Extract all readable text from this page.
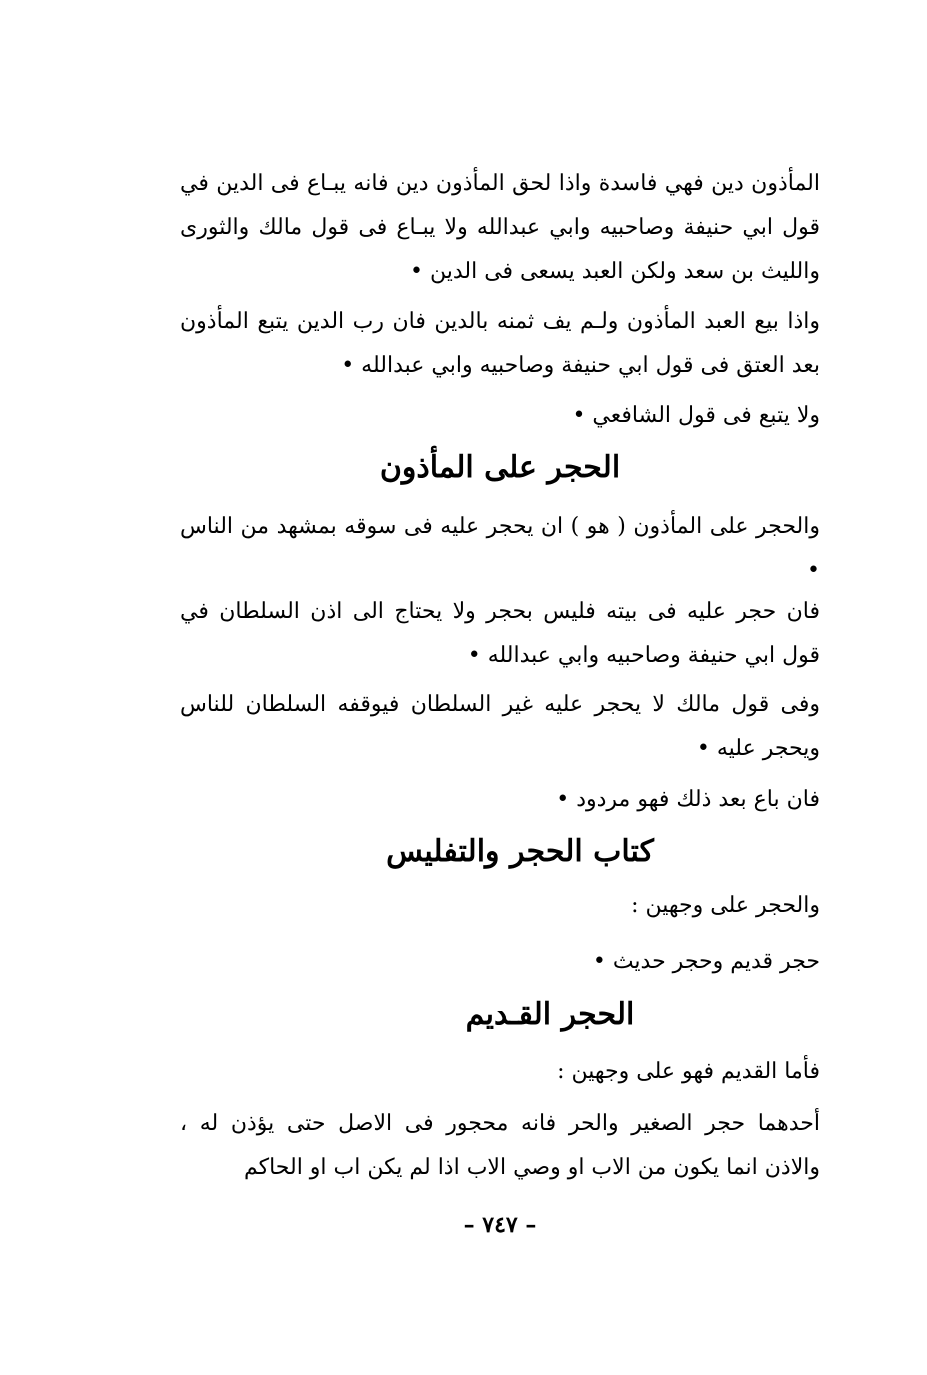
المأذون دين فهي فاسدة واذا لحق المأذون دين فانه يبـاع فى الدين في قول ابي حنيفة وصاحبيه وابي عبدالله ولا يبـاع فى قول مالك والثورى والليث بن سعد ولكن العبد يسعى فى الدين •

واذا بيع العبد المأذون ولـم يف ثمنه بالدين فان رب الدين يتبع المأذون بعد العتق فى قول ابي حنيفة وصاحبيه وابي عبدالله •

ولا يتبع فى قول الشافعي •

الحجر على المأذون

والحجر على المأذون ( هو ) ان يحجر عليه فى سوقه بمشهد من الناس •

فان حجر عليه فى بيته فليس بحجر ولا يحتاج الى اذن السلطان في قول ابي حنيفة وصاحبيه وابي عبدالله •

وفى قول مالك لا يحجر عليه غير السلطان فيوقفه السلطان للناس ويحجر عليه •

فان باع بعد ذلك فهو مردود •

كتاب الحجر والتفليس

والحجر على وجهين :

حجر قديم وحجر حديث •

الحجر القـديم

فأما القديم فهو على وجهين :

أحدهما حجر الصغير والحر فانه محجور فى الاصل حتى يؤذن له ، والاذن انما يكون من الاب او وصي الاب اذا لم يكن اب او الحاكم

– ٧٤٧ –
